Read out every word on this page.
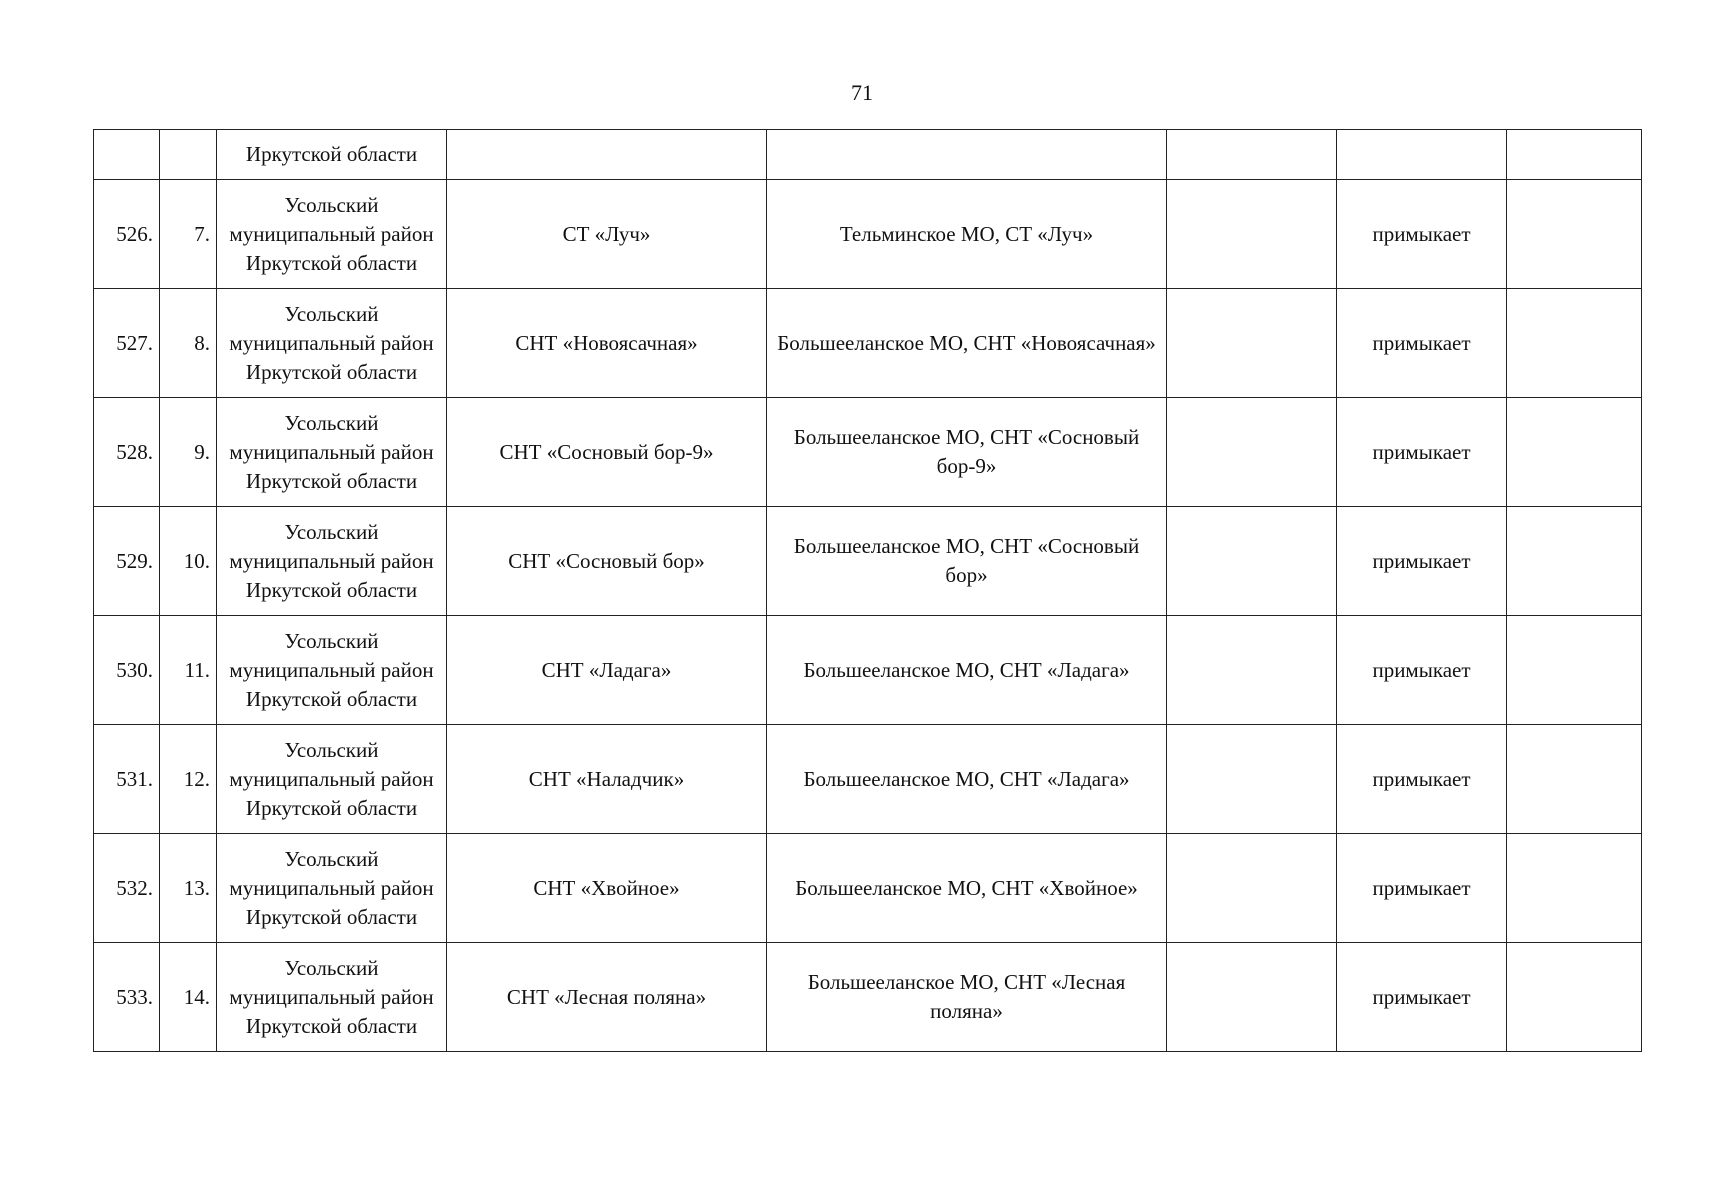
71
		Иркутской области					
526.	7.	Усольский
муниципальный район
Иркутской области	СТ «Луч»	Тельминское МО, СТ «Луч»		примыкает	
527.	8.	Усольский
муниципальный район
Иркутской области	СНТ «Новоясачная»	Большееланское МО, СНТ «Новоясачная»		примыкает	
528.	9.	Усольский
муниципальный район
Иркутской области	СНТ «Сосновый бор-9»	Большееланское МО, СНТ «Сосновый бор-9»		примыкает	
529.	10.	Усольский
муниципальный район
Иркутской области	СНТ «Сосновый бор»	Большееланское МО, СНТ «Сосновый бор»		примыкает	
530.	11.	Усольский
муниципальный район
Иркутской области	СНТ «Ладага»	Большееланское МО, СНТ «Ладага»		примыкает	
531.	12.	Усольский
муниципальный район
Иркутской области	СНТ «Наладчик»	Большееланское МО, СНТ «Ладага»		примыкает	
532.	13.	Усольский
муниципальный район
Иркутской области	СНТ «Хвойное»	Большееланское МО, СНТ «Хвойное»		примыкает	
533.	14.	Усольский
муниципальный район
Иркутской области	СНТ «Лесная поляна»	Большееланское МО, СНТ «Лесная поляна»		примыкает	
